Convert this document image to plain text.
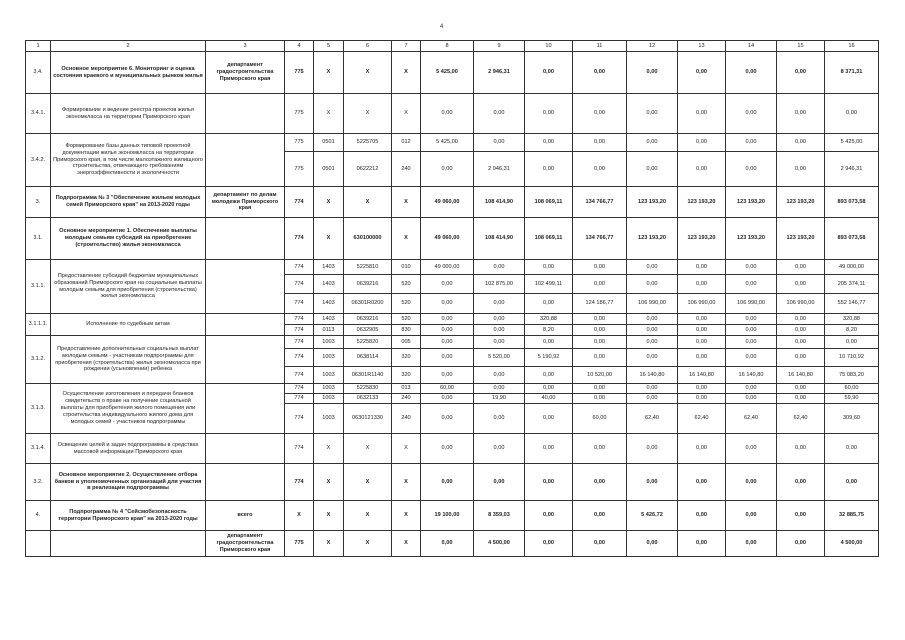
4
1	2	3	4	5	6	7	8	9	10	11	12	13	14	15	16
3.4.	Основное мероприятие 6. Мониторинг и оценка состояния краевого и муниципальных рынков жилья	департамент градостроительства Приморского края	775	X	X	X	5 425,00	2 946,31	0,00	0,00	0,00	0,00	0,00	0,00	8 371,31
3.4.1.	Формирование и ведение реестра проектов жилья экономкласса на территории Приморского края		775	X	X	X	0,00	0,00	0,00	0,00	0,00	0,00	0,00	0,00	0,00
3.4.2.	Формирование базы данных типовой проектной документации жилья экономкласса на территории Приморского края, в том числе малоэтажного жилищного строительства, отвечающего требованиям энергоэффективности и экологичности		775	0501	5225705	012	5 425,00	0,00	0,00	0,00	0,00	0,00	0,00	0,00	5 425,00
			775	0501	0622212	240	0,00	2 946,31	0,00	0,00	0,00	0,00	0,00	0,00	2 946,31
3.	Подпрограмма № 3 "Обеспечение жильем молодых семей Приморского края" на 2013-2020 годы	департамент по делам молодежи Приморского края	774	X	X	X	49 060,00	108 414,90	108 069,11	134 766,77	123 193,20	123 193,20	123 193,20	123 193,20	893 073,58
3.1.	Основное мероприятие 1. Обеспечение выплаты молодым семьям субсидий на приобретение (строительство) жилья экономкласса		774	X	630100000	X	49 060,00	108 414,90	108 069,11	134 766,77	123 193,20	123 193,20	123 193,20	123 193,20	893 073,58
3.1.1.	Предоставление субсидий бюджетам муниципальных образований Приморского края на социальные выплаты молодым семьям для приобретения (строительства) жилья экономкласса		774	1403	5225810	010	49 000,00	0,00	0,00	0,00	0,00	0,00	0,00	0,00	49 000,00
			774	1403	0639216	520	0,00	102 875,00	102 499,11	0,00	0,00	0,00	0,00	0,00	205 374,11
			774	1403	06301R0200	520	0,00	0,00	0,00	124 186,77	106 990,00	106 990,00	106 990,00	106 990,00	552 146,77
3.1.1.1.	Исполнение по судебным актам		774	1403	0639216	520	0,00	0,00	320,88	0,00	0,00	0,00	0,00	0,00	320,88
			774	0113	0632905	830	0,00	0,00	8,20	0,00	0,00	0,00	0,00	0,00	8,20
3.1.2.	Предоставление дополнительных социальных выплат молодым семьям - участникам подпрограммы для приобретения (строительства) жилья экономкласса при рождении (усыновлении) ребенка		774	1003	5225820	005	0,00	0,00	0,00	0,00	0,00	0,00	0,00	0,00	0,00
			774	1003	0638114	320	0,00	5 520,00	5 190,92	0,00	0,00	0,00	0,00	0,00	10 710,92
			774	1003	06301R1140	320	0,00	0,00	0,00	10 520,00	16 140,80	16 140,80	16 140,80	16 140,80	75 083,20
3.1.3.	Осуществление изготовления и передачи бланков свидетельств о праве на получение социальной выплаты для приобретения жилого помещения или строительства индивидуального жилого дома для молодых семей - участников подпрограммы		774	1003	5225830	013	60,00	0,00	0,00	0,00	0,00	0,00	0,00	0,00	60,00
			774	1003	0632133	240	0,00	19,90	40,00	0,00	0,00	0,00	0,00	0,00	59,90
			774	1003	0630121330	240	0,00	0,00	0,00	60,00	62,40	62,40	62,40	62,40	309,60
3.1.4.	Освещение целей и задач подпрограммы в средствах массовой информации Приморского края		774	X	X	X	0,00	0,00	0,00	0,00	0,00	0,00	0,00	0,00	0,00
3.2.	Основное мероприятие 2. Осуществление отбора банков и уполномоченных организаций для участия в реализации подпрограммы		774	X	X	X	0,00	0,00	0,00	0,00	0,00	0,00	0,00	0,00	0,00
4.	Подпрограмма № 4 "Сейсмобезопасность территории Приморского края" на 2013-2020 годы	всего	X	X	X	X	19 100,00	8 359,03	0,00	0,00	5 426,72	0,00	0,00	0,00	32 885,75
		департамент градостроительства Приморского края	775	X	X	X	0,00	4 500,00	0,00	0,00	0,00	0,00	0,00	0,00	4 500,00
